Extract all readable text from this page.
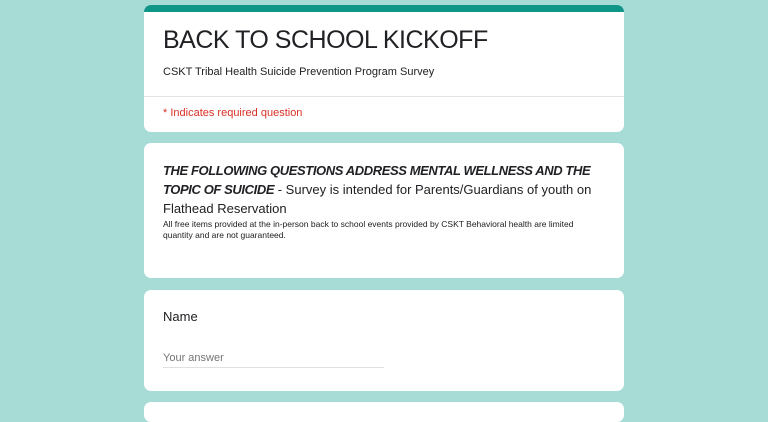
BACK TO SCHOOL KICKOFF
CSKT Tribal Health Suicide Prevention Program Survey
* Indicates required question
THE FOLLOWING QUESTIONS ADDRESS MENTAL WELLNESS AND THE TOPIC OF SUICIDE - Survey is intended for Parents/Guardians of youth on Flathead Reservation
All free items provided at the in-person back to school events provided by CSKT Behavioral health are limited quantity and are not guaranteed.
Name
Your answer
